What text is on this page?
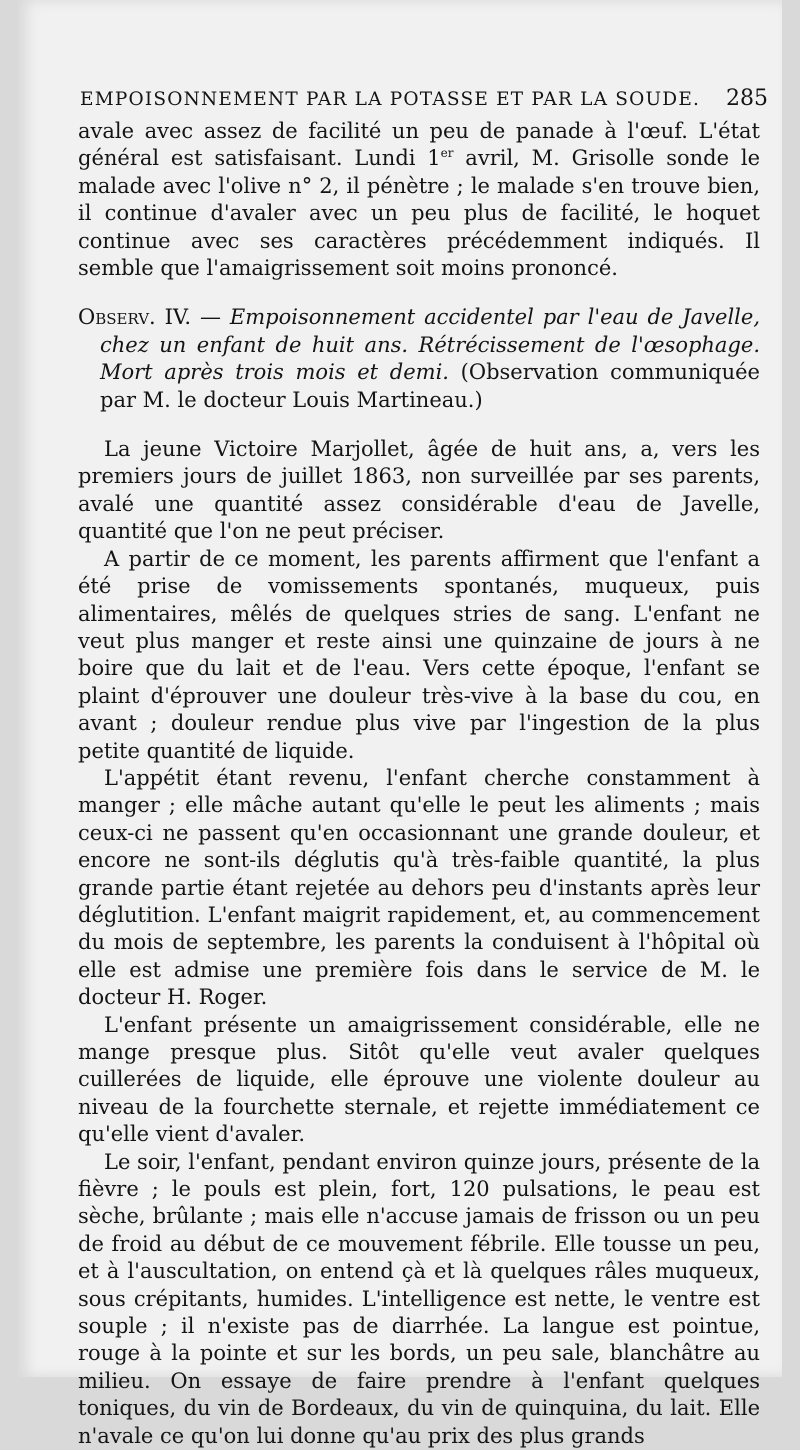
EMPOISONNEMENT PAR LA POTASSE ET PAR LA SOUDE. 285

avale avec assez de facilité un peu de panade à l'œuf. L'état général est satisfaisant. Lundi 1er avril, M. Grisolle sonde le malade avec l'olive n° 2, il pénètre ; le malade s'en trouve bien, il continue d'avaler avec un peu plus de facilité, le hoquet continue avec ses caractères précédemment indiqués. Il semble que l'amaigrissement soit moins prononcé.

Observ. IV. — Empoisonnement accidentel par l'eau de Javelle, chez un enfant de huit ans. Rétrécissement de l'œsophage. Mort après trois mois et demi. (Observation communiquée par M. le docteur Louis Martineau.)

La jeune Victoire Marjollet, âgée de huit ans, a, vers les premiers jours de juillet 1863, non surveillée par ses parents, avalé une quantité assez considérable d'eau de Javelle, quantité que l'on ne peut préciser.

A partir de ce moment, les parents affirment que l'enfant a été prise de vomissements spontanés, muqueux, puis alimentaires, mêlés de quelques stries de sang. L'enfant ne veut plus manger et reste ainsi une quinzaine de jours à ne boire que du lait et de l'eau. Vers cette époque, l'enfant se plaint d'éprouver une douleur très-vive à la base du cou, en avant ; douleur rendue plus vive par l'ingestion de la plus petite quantité de liquide.

L'appétit étant revenu, l'enfant cherche constamment à manger ; elle mâche autant qu'elle le peut les aliments ; mais ceux-ci ne passent qu'en occasionnant une grande douleur, et encore ne sont-ils déglutis qu'à très-faible quantité, la plus grande partie étant rejetée au dehors peu d'instants après leur déglutition. L'enfant maigrit rapidement, et, au commencement du mois de septembre, les parents la conduisent à l'hôpital où elle est admise une première fois dans le service de M. le docteur H. Roger.

L'enfant présente un amaigrissement considérable, elle ne mange presque plus. Sitôt qu'elle veut avaler quelques cuillerées de liquide, elle éprouve une violente douleur au niveau de la fourchette sternale, et rejette immédiatement ce qu'elle vient d'avaler.

Le soir, l'enfant, pendant environ quinze jours, présente de la fièvre ; le pouls est plein, fort, 120 pulsations, le peau est sèche, brûlante ; mais elle n'accuse jamais de frisson ou un peu de froid au début de ce mouvement fébrile. Elle tousse un peu, et à l'auscultation, on entend çà et là quelques râles muqueux, sous crépitants, humides. L'intelligence est nette, le ventre est souple ; il n'existe pas de diarrhée. La langue est pointue, rouge à la pointe et sur les bords, un peu sale, blanchâtre au milieu. On essaye de faire prendre à l'enfant quelques toniques, du vin de Bordeaux, du vin de quinquina, du lait. Elle n'avale ce qu'on lui donne qu'au prix des plus grands
